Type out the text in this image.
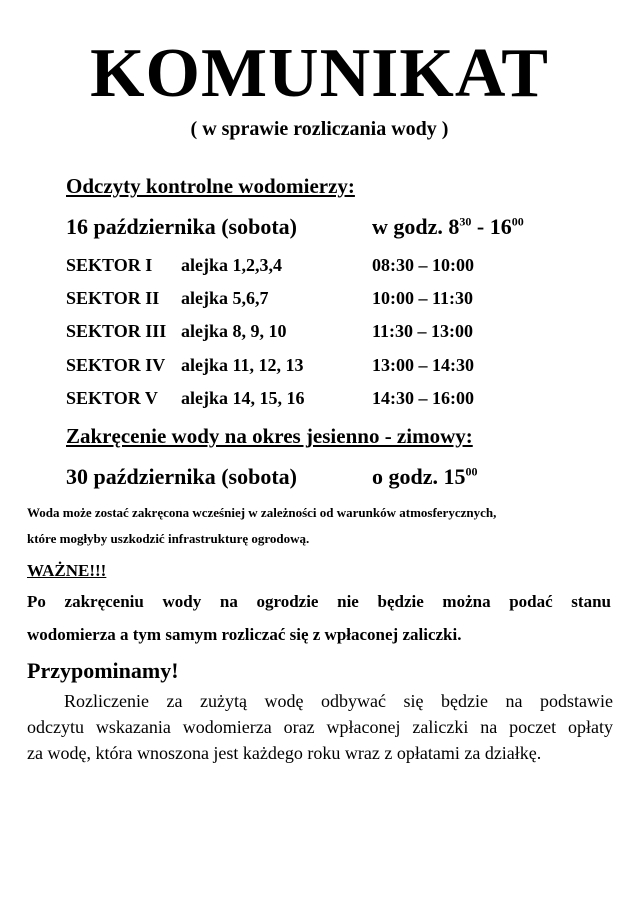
KOMUNIKAT
( w sprawie rozliczania wody )
Odczyty kontrolne wodomierzy:
16 października (sobota)	w godz. $8^{30} - 16^{00}$
SEKTOR I alejka 1,2,3,4	08:30 – 10:00
SEKTOR II alejka 5,6,7	10:00 – 11:30
SEKTOR III alejka 8, 9, 10	11:30 – 13:00
SEKTOR IV alejka 11, 12, 13	13:00 – 14:30
SEKTOR V alejka 14, 15, 16	14:30 – 16:00
Zakręcenie wody na okres jesienno - zimowy:
30 października (sobota)	o godz. $15^{00}$
Woda może zostać zakręcona wcześniej w zależności od warunków atmosferycznych,
które mogłyby uszkodzić infrastrukturę ogrodową.
WAŻNE!!!
Po zakręceniu wody na ogrodzie nie będzie można podać stanu
wodomierza a tym samym rozliczać się z wpłaconej zaliczki.
Przypominamy!
Rozliczenie za zużytą wodę odbywać się będzie na podstawie
odczytu wskazania wodomierza oraz wpłaconej zaliczki na poczet opłaty
za wodę, która wnoszona jest każdego roku wraz z opłatami za działkę.
